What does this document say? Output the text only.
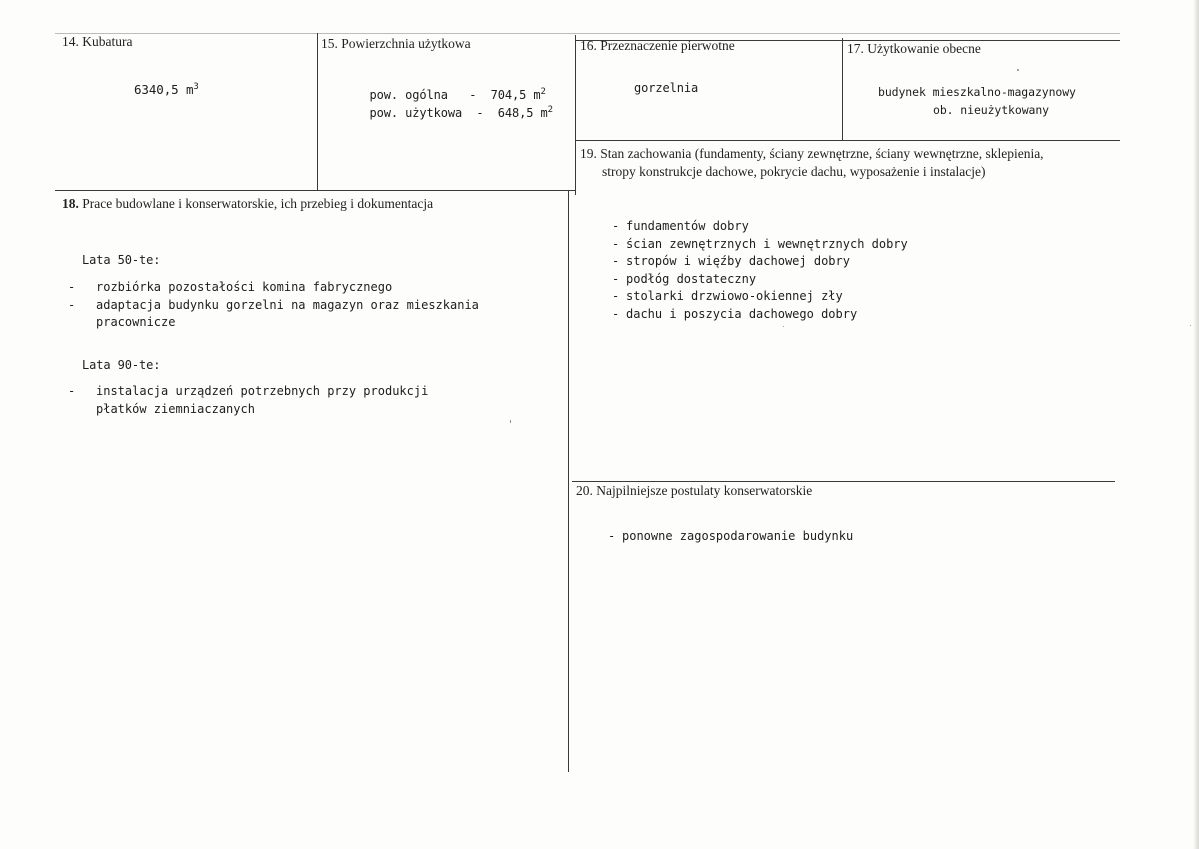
14. Kubatura
6340,5 $m^3$
15. Powierzchnia użytkowa

pow. ogólna   -  704,5 $m^2$

pow. użytkowa  -  648,5 $m^2$

16. Przeznaczenie pierwotne
gorzelnia
17. Użytkowanie obecne
budynek mieszkalno-magazynowy
ob. nieużytkowany
19. Stan zachowania (fundamenty, ściany zewnętrzne, ściany wewnętrzne, sklepienia,
stropy konstrukcje dachowe, pokrycie dachu, wyposażenie i instalacje)
- fundamentów dobry
- ścian zewnętrznych i wewnętrznych dobry
- stropów i więźby dachowej dobry
- podłóg dostateczny
- stolarki drzwiowo-okiennej zły
- dachu i poszycia dachowego dobry
18. Prace budowlane i konserwatorskie, ich przebieg i dokumentacja
Lata 50-te:
- rozbiórka pozostałości komina fabrycznego
- adaptacja budynku gorzelni na magazyn oraz mieszkania pracownicze
Lata 90-te:
- instalacja urządzeń potrzebnych przy produkcji płatków ziemniaczanych
20. Najpilniejsze postulaty konserwatorskie
- ponowne zagospodarowanie budynku
